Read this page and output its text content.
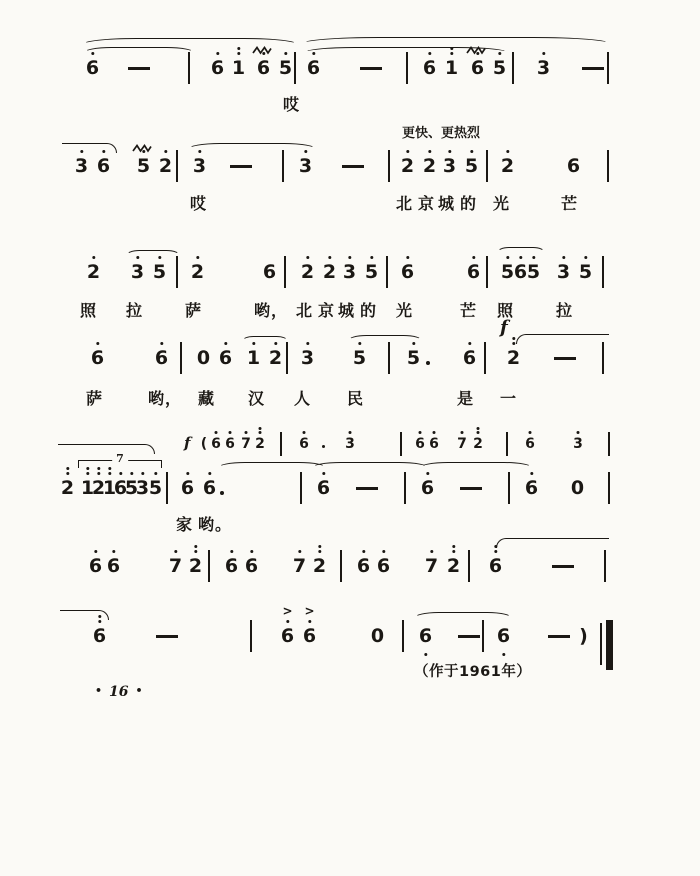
6	6 1 6 5 6	6 1 6 5 3
哎
3 6 5 2 3	3	2 2 3 5 2	6
更快、更热烈
哎	北 京 城 的 光	芒
2 3 5 2	6 2 2 3 5 6	6 5 6 5 3 5
照 拉	萨	哟， 北 京 城 的 光	芒 照	拉
6	6 0 6 1 2 3 5 5 6 2
f
萨	哟， 藏 汉 人 民	是 一
( 6 6 7 2 6	3	6 6 7 2	6	3
2 1
2
1
6
5
3 5 6 6	6	6	6 0
f
7
家 哟。
6 6	7 2 6 6 7 2 6 6 7 2 6
6
>
6
>
6	0 6	6	)
（作于1961年）
• 16 •
